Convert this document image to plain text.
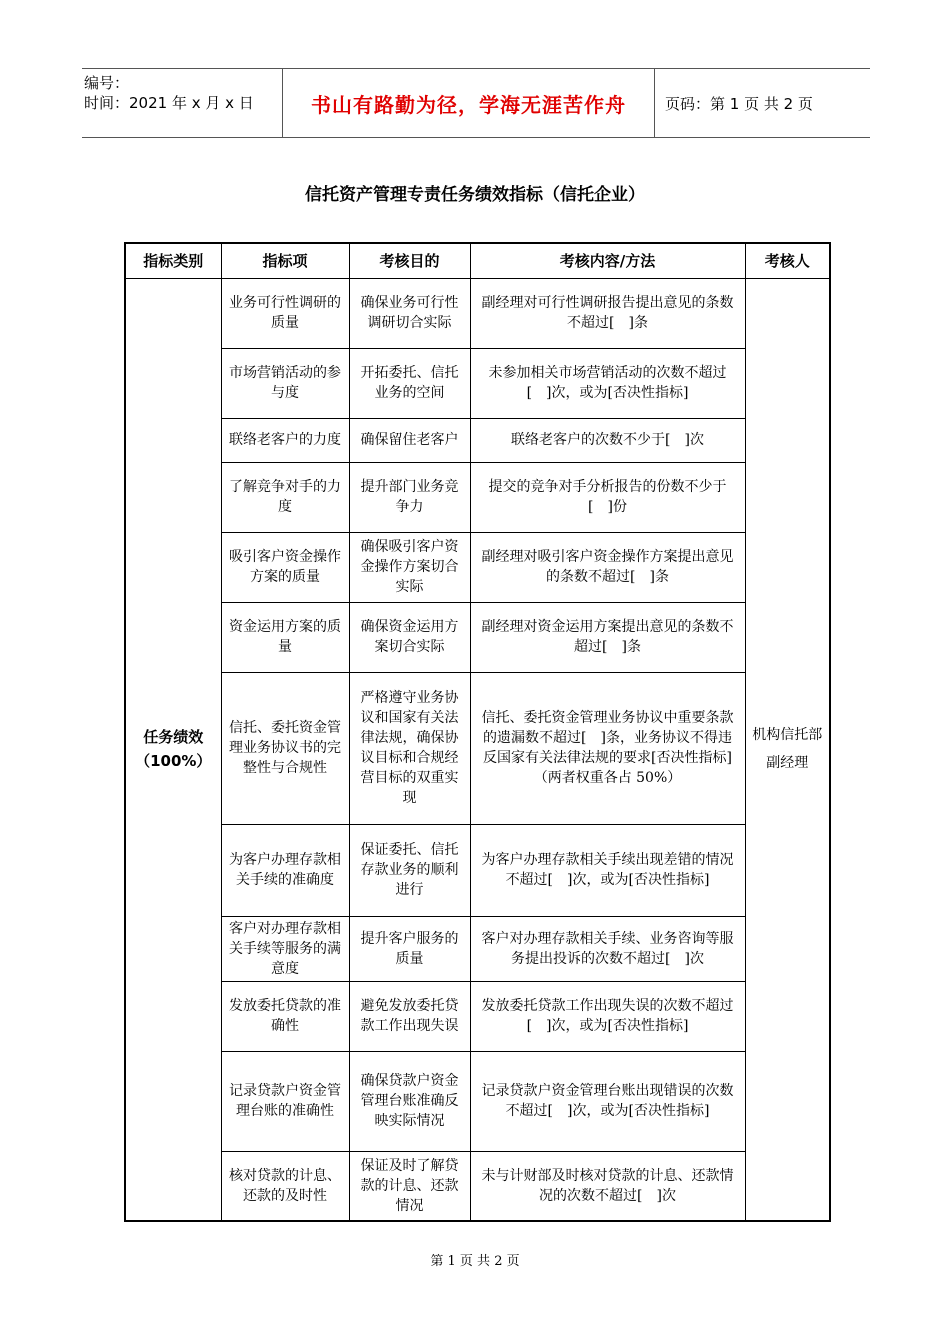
编号：
时间：2021 年 x 月 x 日	书山有路勤为径，学海无涯苦作舟	页码：第 1 页 共 2 页
信托资产管理专责任务绩效指标（信托企业）
指标类别	指标项	考核目的	考核内容/方法	考核人

任务绩效
（100%）	业务可行性调研的质量	确保业务可行性调研切合实际	副经理对可行性调研报告提出意见的条数不超过[　]条	机构信托部副经理
	市场营销活动的参与度	开拓委托、信托业务的空间	未参加相关市场营销活动的次数不超过[　]次，或为[否决性指标]	
	联络老客户的力度	确保留住老客户	联络老客户的次数不少于[　]次	
	了解竞争对手的力度	提升部门业务竞争力	提交的竞争对手分析报告的份数不少于[　]份	
	吸引客户资金操作方案的质量	确保吸引客户资金操作方案切合实际	副经理对吸引客户资金操作方案提出意见的条数不超过[　]条	
	资金运用方案的质量	确保资金运用方案切合实际	副经理对资金运用方案提出意见的条数不超过[　]条	
	信托、委托资金管理业务协议书的完整性与合规性	严格遵守业务协议和国家有关法律法规，确保协议目标和合规经营目标的双重实现	信托、委托资金管理业务协议中重要条款的遗漏数不超过[　]条，业务协议不得违反国家有关法律法规的要求[否决性指标]（两者权重各占 50%）	
	为客户办理存款相关手续的准确度	保证委托、信托存款业务的顺利进行	为客户办理存款相关手续出现差错的情况不超过[　]次，或为[否决性指标]	
	客户对办理存款相关手续等服务的满意度	提升客户服务的质量	客户对办理存款相关手续、业务咨询等服务提出投诉的次数不超过[　]次	
	发放委托贷款的准确性	避免发放委托贷款工作出现失误	发放委托贷款工作出现失误的次数不超过[　]次，或为[否决性指标]	
	记录贷款户资金管理台账的准确性	确保贷款户资金管理台账准确反映实际情况	记录贷款户资金管理台账出现错误的次数不超过[　]次，或为[否决性指标]	
	核对贷款的计息、还款的及时性	保证及时了解贷款的计息、还款情况	未与计财部及时核对贷款的计息、还款情况的次数不超过[　]次	
第 1 页 共 2 页
